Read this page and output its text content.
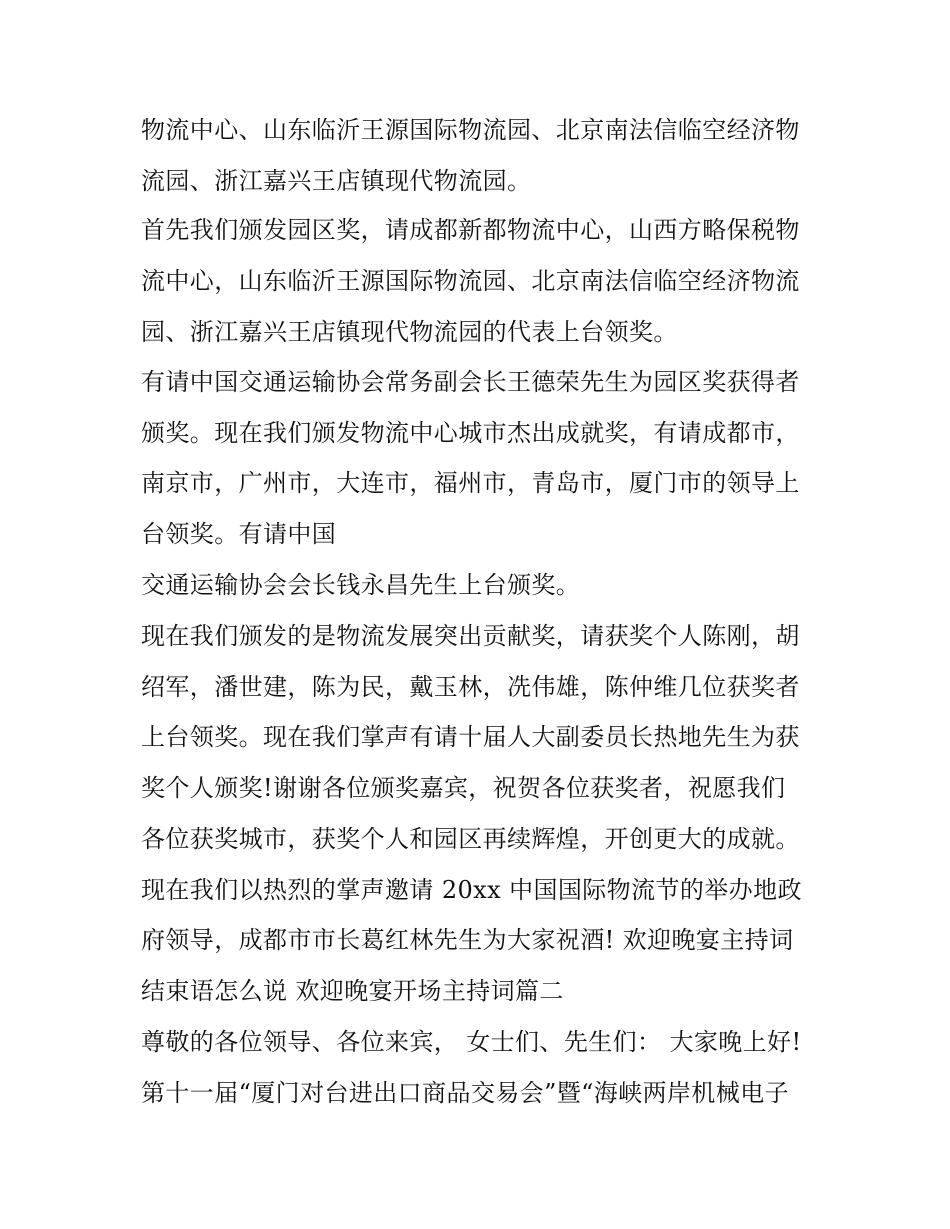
物流中心、山东临沂王源国际物流园、北京南法信临空经济物

流园、浙江嘉兴王店镇现代物流园。

首先我们颁发园区奖，请成都新都物流中心，山西方略保税物

流中心，山东临沂王源国际物流园、北京南法信临空经济物流

园、浙江嘉兴王店镇现代物流园的代表上台领奖。

有请中国交通运输协会常务副会长王德荣先生为园区奖获得者

颁奖。现在我们颁发物流中心城市杰出成就奖，有请成都市，

南京市，广州市，大连市，福州市，青岛市，厦门市的领导上

台领奖。有请中国

交通运输协会会长钱永昌先生上台颁奖。

现在我们颁发的是物流发展突出贡献奖，请获奖个人陈刚，胡

绍军，潘世建，陈为民，戴玉林，冼伟雄，陈仲维几位获奖者

上台领奖。现在我们掌声有请十届人大副委员长热地先生为获

奖个人颁奖!谢谢各位颁奖嘉宾，祝贺各位获奖者，祝愿我们

各位获奖城市，获奖个人和园区再续辉煌，开创更大的成就。

现在我们以热烈的掌声邀请 20xx 中国国际物流节的举办地政

府领导，成都市市长葛红林先生为大家祝酒! 欢迎晚宴主持词

结束语怎么说 欢迎晚宴开场主持词篇二

尊敬的各位领导、各位来宾， 女士们、先生们： 大家晚上好!

第十一届“厦门对台进出口商品交易会”暨“海峡两岸机械电子
